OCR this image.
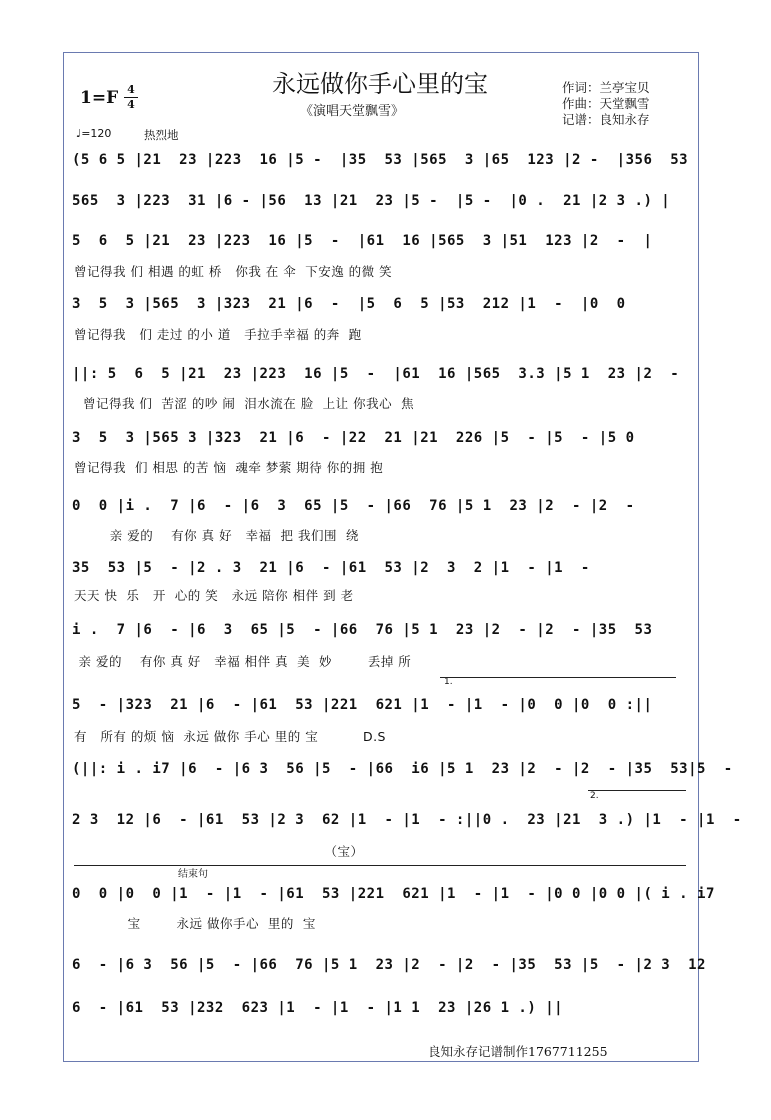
1=F 4
4
永远做你手心里的宝
《演唱天堂飘雪》
作词：兰亭宝贝
作曲：天堂飘雪
记谱：良知永存
♩=120	热烈地
(5 6 5 |21  23 |223  16 |5 -  |35  53 |565  3 |65  123 |2 -  |356  53
565  3 |223  31 |6 - |56  13 |21  23 |5 -  |5 -  |0 .  21 |2 3 .) |
5  6  5 |21  23 |223  16 |5  -  |61  16 |565  3 |51  123 |2  -  |
曾记得我 们 相遇 的虹 桥   你我 在 伞  下安逸 的微 笑
3  5  3 |565  3 |323  21 |6  -  |5  6  5 |53  212 |1  -  |0  0
曾记得我   们 走过 的小 道   手拉手幸福 的奔  跑
||: 5  6  5 |21  23 |223  16 |5  -  |61  16 |565  3.3 |5 1  23 |2  -
曾记得我 们  苦涩 的吵 闹  泪水流在 脸  上让 你我心  焦
3  5  3 |565 3 |323  21 |6  - |22  21 |21  226 |5  - |5  - |5 0
曾记得我  们 相思 的苦 恼  魂牵 梦萦 期待 你的拥 抱
0  0 |i .  7 |6  - |6  3  65 |5  - |66  76 |5 1  23 |2  - |2  -
亲 爱的    有你 真 好   幸福  把 我们围  绕
35  53 |5  - |2 . 3  21 |6  - |61  53 |2  3  2 |1  - |1  -
天天 快  乐   开  心的 笑   永远 陪你 相伴 到 老
i .  7 |6  - |6  3  65 |5  - |66  76 |5 1  23 |2  - |2  - |35  53
亲 爱的    有你 真 好   幸福 相伴 真  美  妙        丢掉 所
5  - |323  21 |6  - |61  53 |221  621 |1  - |1  - |0  0 |0  0 :||
有   所有 的烦 恼  永远 做你 手心 里的 宝          D.S
(||: i . i7 |6  - |6 3  56 |5  - |66  i6 |5 1  23 |2  - |2  - |35  53|5  -
2 3  12 |6  - |61  53 |2 3  62 |1  - |1  - :||0 .  23 |21  3 .) |1  - |1  -
（宝）
结束句
0  0 |0  0 |1  - |1  - |61  53 |221  621 |1  - |1  - |0 0 |0 0 |( i . i7
宝        永远 做你手心  里的  宝
6  - |6 3  56 |5  - |66  76 |5 1  23 |2  - |2  - |35  53 |5  - |2 3  12
6  - |61  53 |232  623 |1  - |1  - |1 1  23 |26 1 .) ||
1.
2.
良知永存记谱制作1767711255
